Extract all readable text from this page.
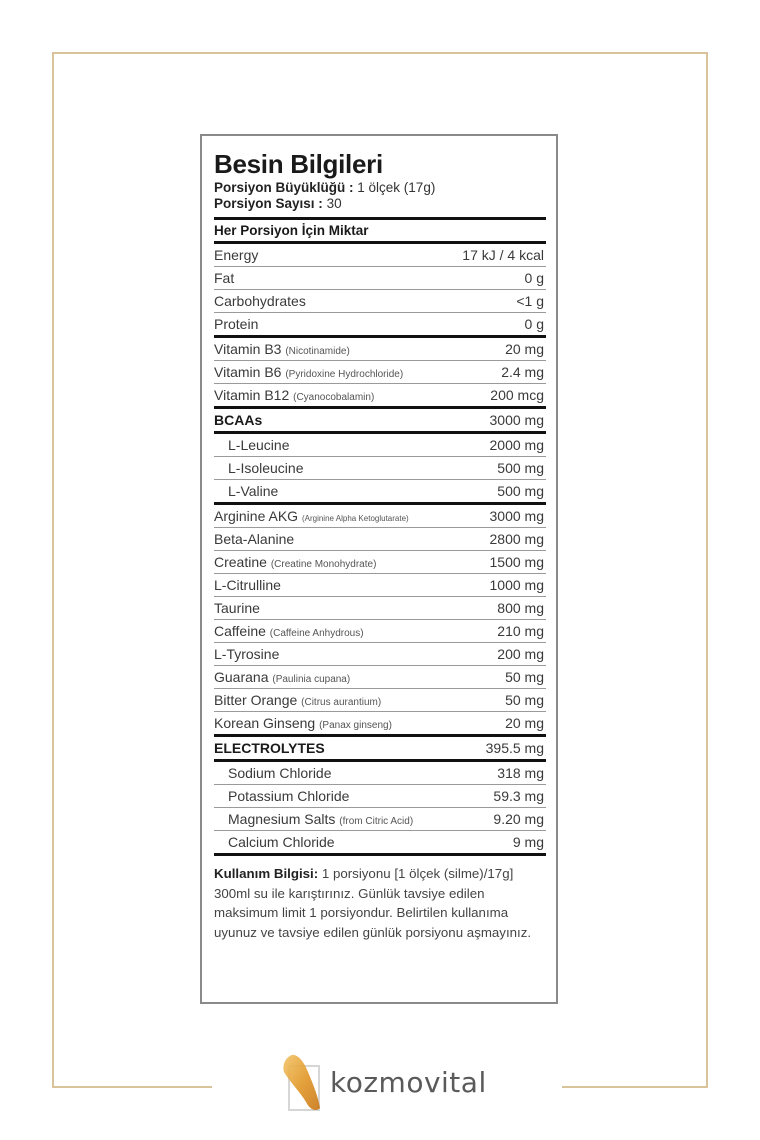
Besin Bilgileri
Porsiyon Büyüklüğü : 1 ölçek (17g)
Porsiyon Sayısı : 30
Her Porsiyon İçin Miktar
Energy	17 kJ / 4 kcal
Fat	0 g
Carbohydrates	<1 g
Protein	0 g
Vitamin B3 (Nicotinamide)	20 mg
Vitamin B6 (Pyridoxine Hydrochloride)	2.4 mg
Vitamin B12 (Cyanocobalamin)	200 mcg
BCAAs	3000 mg
L-Leucine	2000 mg
L-Isoleucine	500 mg
L-Valine	500 mg
Arginine AKG (Arginine Alpha Ketoglutarate)	3000 mg
Beta-Alanine	2800 mg
Creatine (Creatine Monohydrate)	1500 mg
L-Citrulline	1000 mg
Taurine	800 mg
Caffeine (Caffeine Anhydrous)	210 mg
L-Tyrosine	200 mg
Guarana (Paulinia cupana)	50 mg
Bitter Orange (Citrus aurantium)	50 mg
Korean Ginseng (Panax ginseng)	20 mg
ELECTROLYTES	395.5 mg
Sodium Chloride	318 mg
Potassium Chloride	59.3 mg
Magnesium Salts (from Citric Acid)	9.20 mg
Calcium Chloride	9 mg
Kullanım Bilgisi: 1 porsiyonu [1 ölçek (silme)/17g] 300ml su ile karıştırınız. Günlük tavsiye edilen maksimum limit 1 porsiyondur. Belirtilen kullanıma uyunuz ve tavsiye edilen günlük porsiyonu aşmayınız.
kozmovital
